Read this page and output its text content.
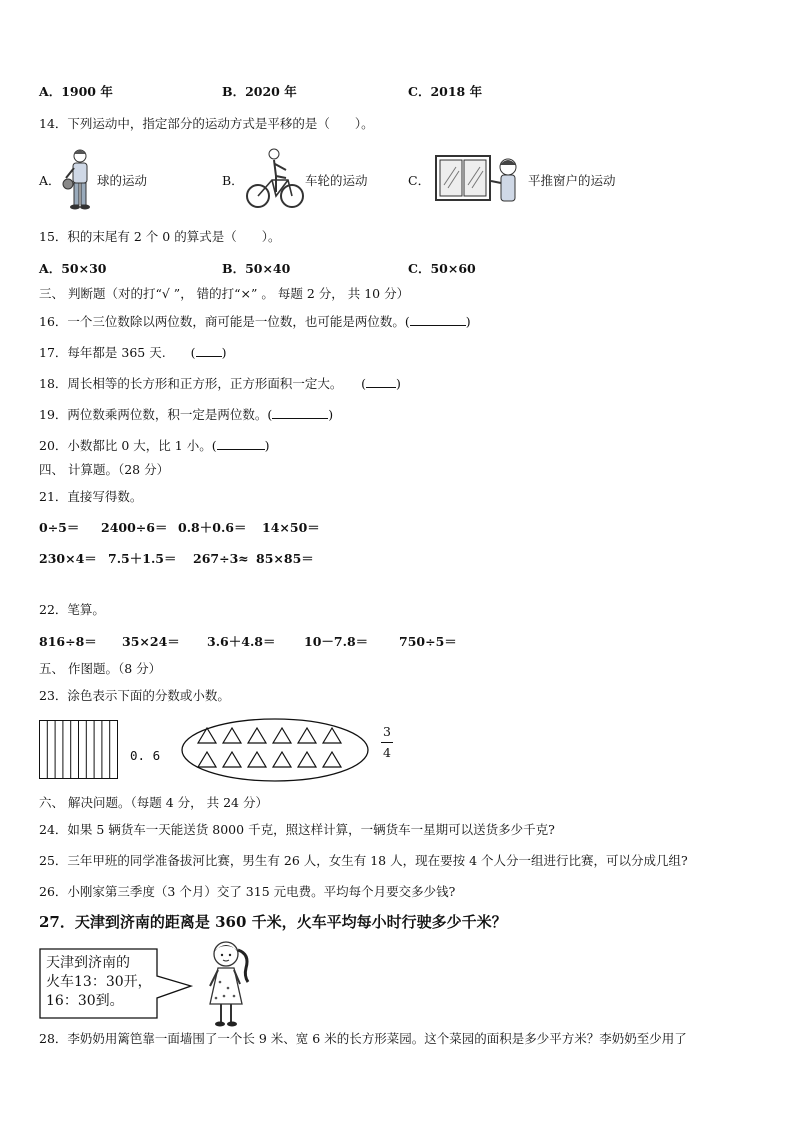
A．1900 年	B．2020 年	C．2018 年
14．下列运动中，指定部分的运动方式是平移的是（　　）。
A．	球的运动	B．	车轮的运动	C．	平推窗户的运动
15．积的末尾有 2 个 0 的算式是（　　）。
A．50×30	B．50×40	C．50×60
三、 判断题（对的打“√ ”， 错的打“×” 。 每题 2 分， 共 10 分）
16．一个三位数除以两位数，商可能是一位数，也可能是两位数。(	)
17．每年都是 365 天.　　( )
18．周长相等的长方形和正方形，正方形面积一定大。　　( )
19．两位数乘两位数，积一定是两位数。(	)
20．小数都比 0 大，比 1 小。(	)
四、 计算题。（28 分）
21．直接写得数。
0÷5＝ 2400÷6＝ 0.8＋0.6＝ 14×50＝
230×4＝ 7.5＋1.5＝ 267÷3≈ 85×85＝
22．笔算。
816÷8＝ 35×24＝ 3.6＋4.8＝ 10－7.8＝ 750÷5＝
五、 作图题。（8 分）
23．涂色表示下面的分数或小数。
0. 6
3
4
六、 解决问题。（每题 4 分， 共 24 分）
24．如果 5 辆货车一天能送货 8000 千克，照这样计算，一辆货车一星期可以送货多少千克?
25．三年甲班的同学准备拔河比赛，男生有 26 人，女生有 18 人，现在要按 4 个人分一组进行比赛，可以分成几组?
26．小刚家第三季度（3 个月）交了 315 元电费。平均每个月要交多少钱?
27．天津到济南的距离是 360 千米，火车平均每小时行驶多少千米？
天津到济南的
火车13：30开，
16：30到。
28．李奶奶用篱笆靠一面墙围了一个长 9 米、宽 6 米的长方形菜园。这个菜园的面积是多少平方米？李奶奶至少用了
